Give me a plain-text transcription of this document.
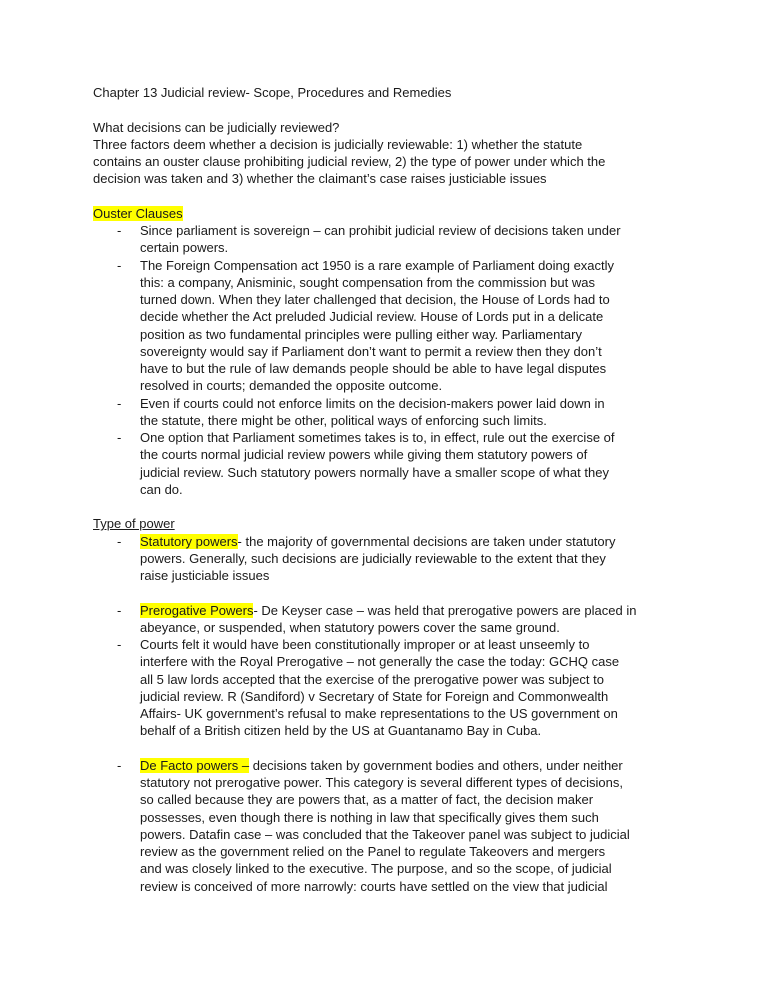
Chapter 13 Judicial review- Scope, Procedures and Remedies
What decisions can be judicially reviewed?
Three factors deem whether a decision is judicially reviewable: 1) whether the statute
contains an ouster clause prohibiting judicial review, 2) the type of power under which the
decision was taken and 3) whether the claimant’s case raises justiciable issues
Ouster Clauses
- Since parliament is sovereign – can prohibit judicial review of decisions taken under
certain powers.
- The Foreign Compensation act 1950 is a rare example of Parliament doing exactly
this: a company, Anisminic, sought compensation from the commission but was
turned down. When they later challenged that decision, the House of Lords had to
decide whether the Act preluded Judicial review. House of Lords put in a delicate
position as two fundamental principles were pulling either way. Parliamentary
sovereignty would say if Parliament don’t want to permit a review then they don’t
have to but the rule of law demands people should be able to have legal disputes
resolved in courts; demanded the opposite outcome.
- Even if courts could not enforce limits on the decision-makers power laid down in
the statute, there might be other, political ways of enforcing such limits.
- One option that Parliament sometimes takes is to, in effect, rule out the exercise of
the courts normal judicial review powers while giving them statutory powers of
judicial review. Such statutory powers normally have a smaller scope of what they
can do.
Type of power
- Statutory powers- the majority of governmental decisions are taken under statutory
powers. Generally, such decisions are judicially reviewable to the extent that they
raise justiciable issues
- Prerogative Powers- De Keyser case – was held that prerogative powers are placed in
abeyance, or suspended, when statutory powers cover the same ground.
- Courts felt it would have been constitutionally improper or at least unseemly to
interfere with the Royal Prerogative – not generally the case the today: GCHQ case
all 5 law lords accepted that the exercise of the prerogative power was subject to
judicial review. R (Sandiford) v Secretary of State for Foreign and Commonwealth
Affairs- UK government’s refusal to make representations to the US government on
behalf of a British citizen held by the US at Guantanamo Bay in Cuba.
- De Facto powers – decisions taken by government bodies and others, under neither
statutory not prerogative power. This category is several different types of decisions,
so called because they are powers that, as a matter of fact, the decision maker
possesses, even though there is nothing in law that specifically gives them such
powers. Datafin case – was concluded that the Takeover panel was subject to judicial
review as the government relied on the Panel to regulate Takeovers and mergers
and was closely linked to the executive. The purpose, and so the scope, of judicial
review is conceived of more narrowly: courts have settled on the view that judicial
